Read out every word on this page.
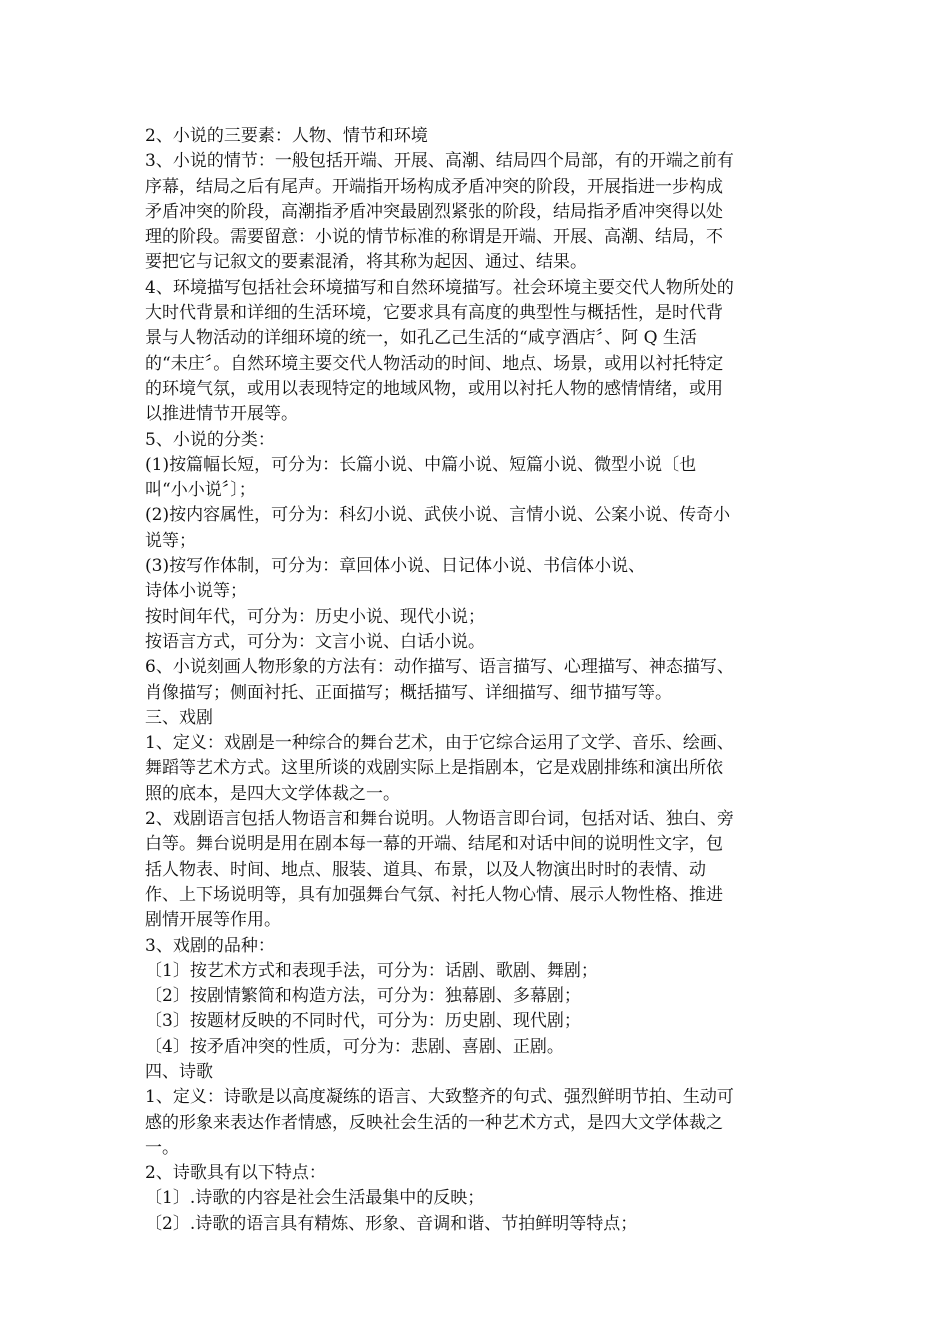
2、小说的三要素：人物、情节和环境
3、小说的情节：一般包括开端、开展、高潮、结局四个局部，有的开端之前有
序幕，结局之后有尾声。开端指开场构成矛盾冲突的阶段，开展指进一步构成
矛盾冲突的阶段，高潮指矛盾冲突最剧烈紧张的阶段，结局指矛盾冲突得以处
理的阶段。需要留意：小说的情节标准的称谓是开端、开展、高潮、结局，不
要把它与记叙文的要素混淆，将其称为起因、通过、结果。
4、环境描写包括社会环境描写和自然环境描写。社会环境主要交代人物所处的
大时代背景和详细的生活环境，它要求具有高度的典型性与概括性，是时代背
景与人物活动的详细环境的统一，如孔乙己生活的“咸亨酒店〞、阿 Q 生活
的“未庄〞。自然环境主要交代人物活动的时间、地点、场景，或用以衬托特定
的环境气氛，或用以表现特定的地域风物，或用以衬托人物的感情情绪，或用
以推进情节开展等。
5、小说的分类：
(1)按篇幅长短，可分为：长篇小说、中篇小说、短篇小说、微型小说〔也
叫“小小说〞〕；
(2)按内容属性，可分为：科幻小说、武侠小说、言情小说、公案小说、传奇小
说等；
(3)按写作体制，可分为：章回体小说、日记体小说、书信体小说、
诗体小说等；
按时间年代，可分为：历史小说、现代小说；
按语言方式，可分为：文言小说、白话小说。
6、小说刻画人物形象的方法有：动作描写、语言描写、心理描写、神态描写、
肖像描写；侧面衬托、正面描写；概括描写、详细描写、细节描写等。
三、戏剧
1、定义：戏剧是一种综合的舞台艺术，由于它综合运用了文学、音乐、绘画、
舞蹈等艺术方式。这里所谈的戏剧实际上是指剧本，它是戏剧排练和演出所依
照的底本，是四大文学体裁之一。
2、戏剧语言包括人物语言和舞台说明。人物语言即台词，包括对话、独白、旁
白等。舞台说明是用在剧本每一幕的开端、结尾和对话中间的说明性文字，包
括人物表、时间、地点、服装、道具、布景，以及人物演出时时的表情、动
作、上下场说明等，具有加强舞台气氛、衬托人物心情、展示人物性格、推进
剧情开展等作用。
3、戏剧的品种：
〔1〕按艺术方式和表现手法，可分为：话剧、歌剧、舞剧；
〔2〕按剧情繁简和构造方法，可分为：独幕剧、多幕剧；
〔3〕按题材反映的不同时代，可分为：历史剧、现代剧；
〔4〕按矛盾冲突的性质，可分为：悲剧、喜剧、正剧。
四、诗歌
1、定义：诗歌是以高度凝练的语言、大致整齐的句式、强烈鲜明节拍、生动可
感的形象来表达作者情感，反映社会生活的一种艺术方式，是四大文学体裁之
一。
2、诗歌具有以下特点：
〔1〕.诗歌的内容是社会生活最集中的反映；
〔2〕.诗歌的语言具有精炼、形象、音调和谐、节拍鲜明等特点；
